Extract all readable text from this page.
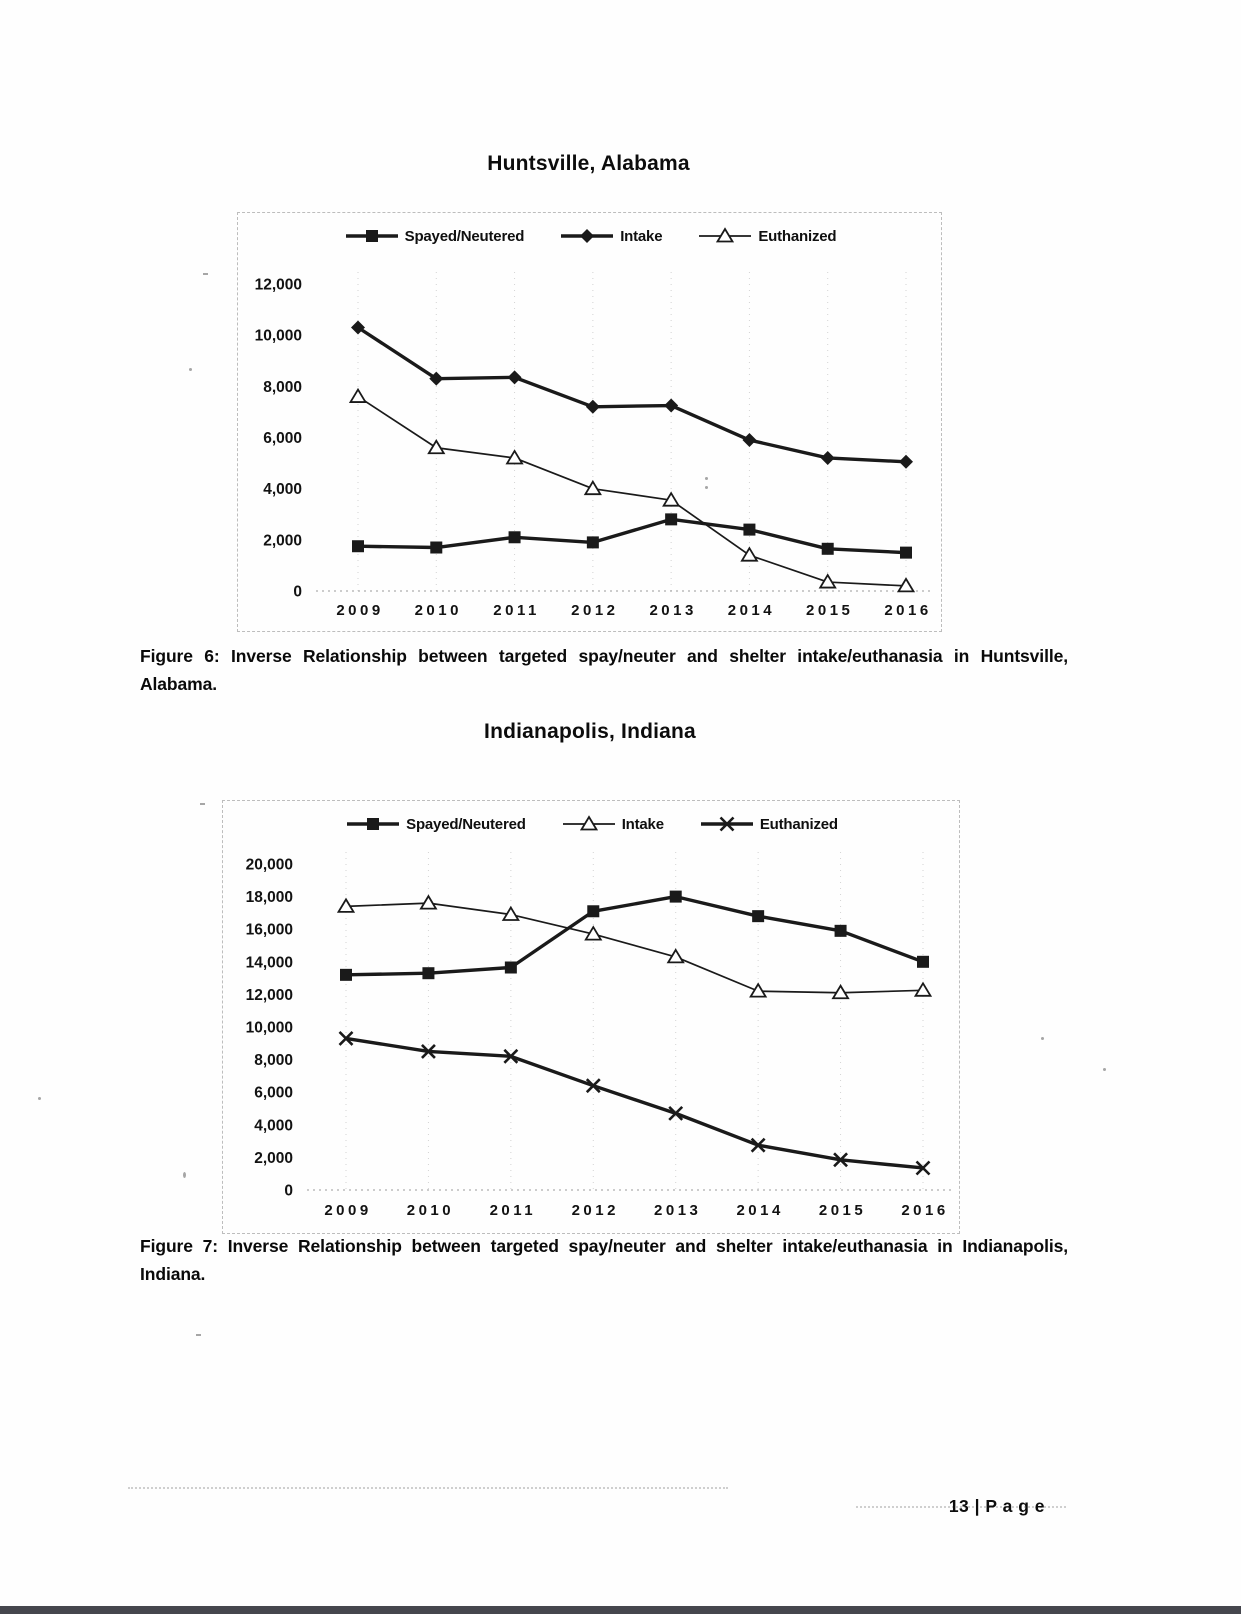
Huntsville, Alabama
Spayed/Neutered	Intake	Euthanized
12,000
10,000
8,000
6,000
4,000
2,000
0
2009 2010 2011 2012 2013 2014 2015 2016

Figure 6: Inverse Relationship between targeted spay/neuter and shelter intake/euthanasia in Huntsville, Alabama.

Indianapolis, Indiana
Spayed/Neutered	Intake	Euthanized
20,000
18,000
16,000
14,000
12,000
10,000
8,000
6,000
4,000
2,000
0
2009 2010 2011 2012 2013 2014 2015 2016

Figure 7: Inverse Relationship between targeted spay/neuter and shelter intake/euthanasia in Indianapolis, Indiana.

13 | P a g e
